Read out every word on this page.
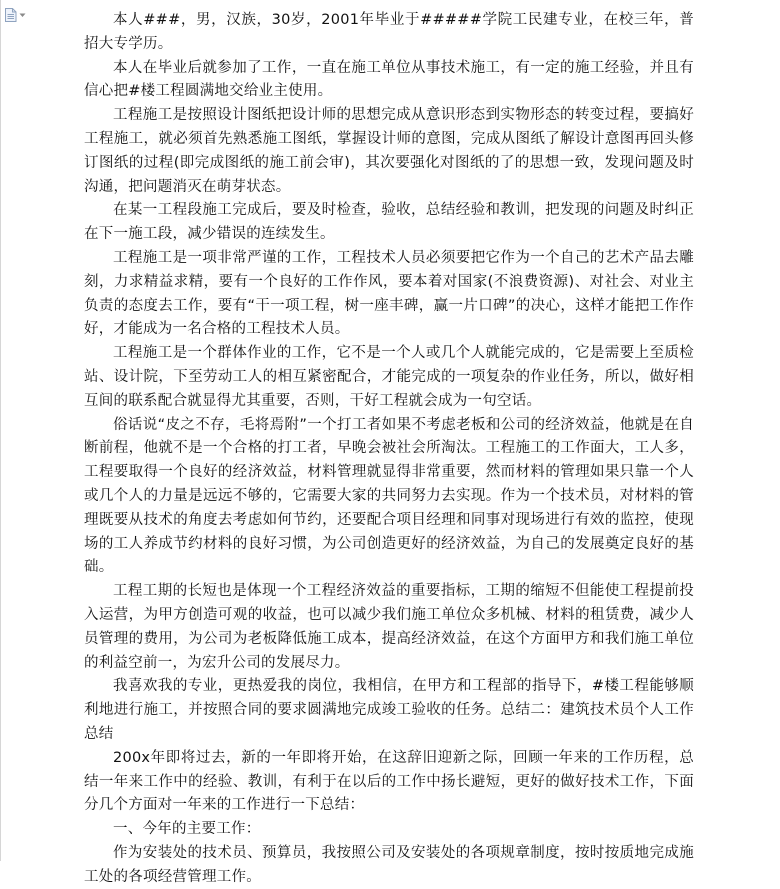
本人###，男，汉族，30岁，2001年毕业于#####学院工民建专业，在校三年，普招大专学历。

本人在毕业后就参加了工作，一直在施工单位从事技术施工，有一定的施工经验，并且有信心把#楼工程圆满地交给业主使用。

工程施工是按照设计图纸把设计师的思想完成从意识形态到实物形态的转变过程，要搞好工程施工，就必须首先熟悉施工图纸，掌握设计师的意图，完成从图纸了解设计意图再回头修订图纸的过程(即完成图纸的施工前会审)，其次要强化对图纸的了的思想一致，发现问题及时沟通，把问题消灭在萌芽状态。

在某一工程段施工完成后，要及时检查，验收，总结经验和教训，把发现的问题及时纠正在下一施工段，减少错误的连续发生。

工程施工是一项非常严谨的工作，工程技术人员必须要把它作为一个自己的艺术产品去雕刻，力求精益求精，要有一个良好的工作作风，要本着对国家(不浪费资源)、对社会、对业主负责的态度去工作，要有“干一项工程，树一座丰碑，赢一片口碑”的决心，这样才能把工作作好，才能成为一名合格的工程技术人员。

工程施工是一个群体作业的工作，它不是一个人或几个人就能完成的，它是需要上至质检站、设计院，下至劳动工人的相互紧密配合，才能完成的一项复杂的作业任务，所以，做好相互间的联系配合就显得尤其重要，否则，干好工程就会成为一句空话。

俗话说“皮之不存，毛将焉附”一个打工者如果不考虑老板和公司的经济效益，他就是在自断前程，他就不是一个合格的打工者，早晚会被社会所淘汰。工程施工的工作面大，工人多，工程要取得一个良好的经济效益，材料管理就显得非常重要，然而材料的管理如果只靠一个人或几个人的力量是远远不够的，它需要大家的共同努力去实现。作为一个技术员，对材料的管理既要从技术的角度去考虑如何节约，还要配合项目经理和同事对现场进行有效的监控，使现场的工人养成节约材料的良好习惯，为公司创造更好的经济效益，为自己的发展奠定良好的基础。

工程工期的长短也是体现一个工程经济效益的重要指标，工期的缩短不但能使工程提前投入运营，为甲方创造可观的收益，也可以减少我们施工单位众多机械、材料的租赁费，减少人员管理的费用，为公司为老板降低施工成本，提高经济效益，在这个方面甲方和我们施工单位的利益空前一，为宏升公司的发展尽力。

我喜欢我的专业，更热爱我的岗位，我相信，在甲方和工程部的指导下，#楼工程能够顺利地进行施工，并按照合同的要求圆满地完成竣工验收的任务。总结二：建筑技术员个人工作总结

200x年即将过去，新的一年即将开始，在这辞旧迎新之际，回顾一年来的工作历程，总结一年来工作中的经验、教训，有利于在以后的工作中扬长避短，更好的做好技术工作，下面分几个方面对一年来的工作进行一下总结：

一、今年的主要工作：

作为安装处的技术员、预算员，我按照公司及安装处的各项规章制度，按时按质地完成施工处的各项经营管理工作。
